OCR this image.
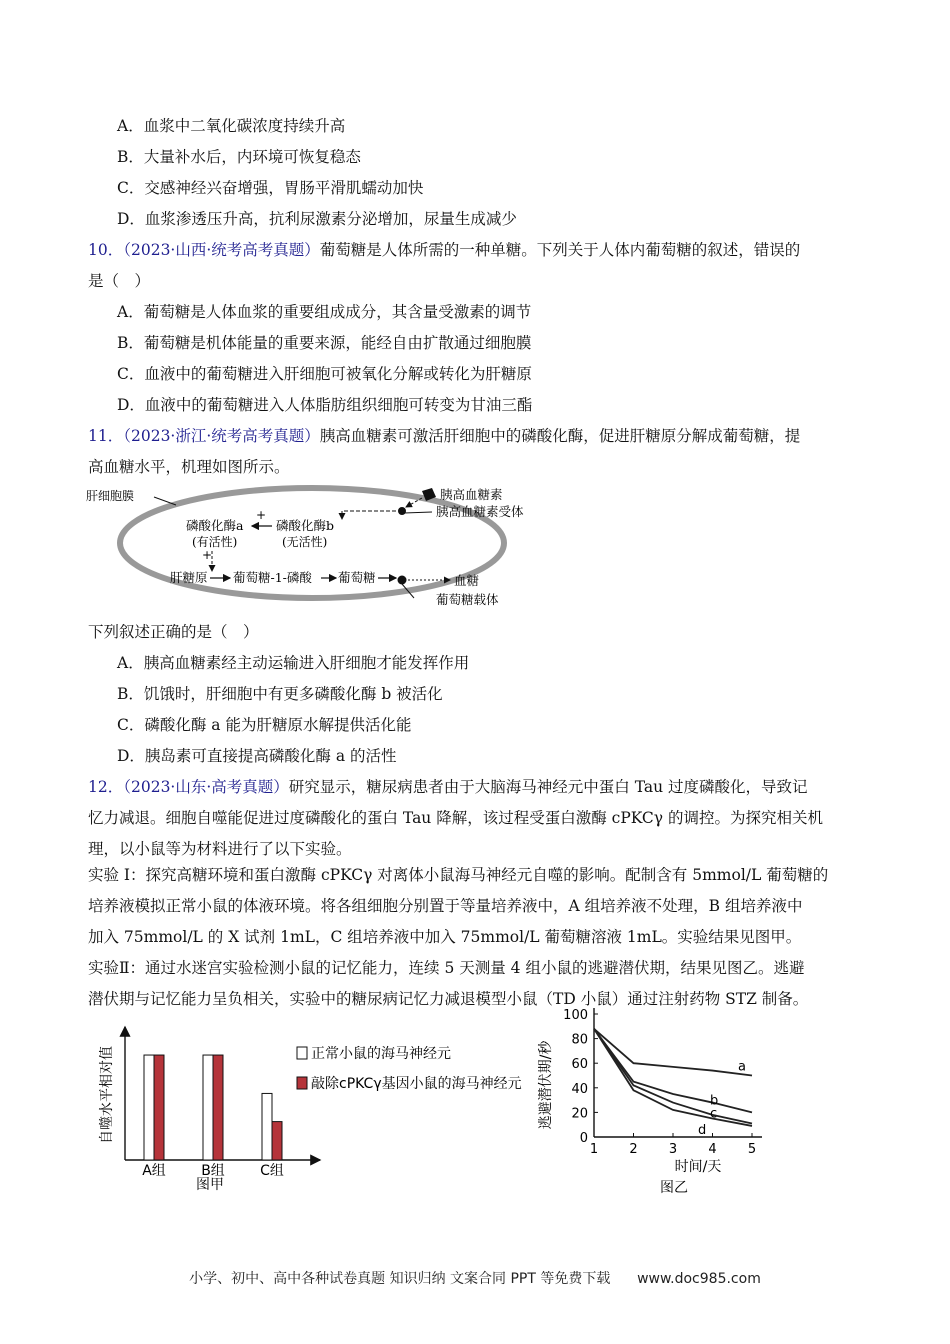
A．血浆中二氧化碳浓度持续升高
B．大量补水后，内环境可恢复稳态
C．交感神经兴奋增强，胃肠平滑肌蠕动加快
D．血浆渗透压升高，抗利尿激素分泌增加，尿量生成减少
10．（2023·山西·统考高考真题）葡萄糖是人体所需的一种单糖。下列关于人体内葡萄糖的叙述，错误的
是（　）
A．葡萄糖是人体血浆的重要组成成分，其含量受激素的调节
B．葡萄糖是机体能量的重要来源，能经自由扩散通过细胞膜
C．血液中的葡萄糖进入肝细胞可被氧化分解或转化为肝糖原
D．血液中的葡萄糖进入人体脂肪组织细胞可转变为甘油三酯
11．（2023·浙江·统考高考真题）胰高血糖素可激活肝细胞中的磷酸化酶，促进肝糖原分解成葡萄糖，提
高血糖水平，机理如图所示。
肝细胞膜	胰高血糖素
胰高血糖素受体
磷酸化酶b
(无活性)
+
磷酸化酶a
(有活性)
+
肝糖原 葡萄糖-1-磷酸 葡萄糖	血糖
葡萄糖载体
下列叙述正确的是（　）
A．胰高血糖素经主动运输进入肝细胞才能发挥作用
B．饥饿时，肝细胞中有更多磷酸化酶 b 被活化
C．磷酸化酶 a 能为肝糖原水解提供活化能
D．胰岛素可直接提高磷酸化酶 a 的活性
12．（2023·山东·高考真题）研究显示，糖尿病患者由于大脑海马神经元中蛋白 Tau 过度磷酸化，导致记
忆力减退。细胞自噬能促进过度磷酸化的蛋白 Tau 降解，该过程受蛋白激酶 cPKCγ 的调控。为探究相关机
理，以小鼠等为材料进行了以下实验。
实验 I：探究高糖环境和蛋白激酶 cPKCγ 对离体小鼠海马神经元自噬的影响。配制含有 5mmol/L 葡萄糖的
培养液模拟正常小鼠的体液环境。将各组细胞分别置于等量培养液中，A 组培养液不处理，B 组培养液中
加入 75mmol/L 的 X 试剂 1mL，C 组培养液中加入 75mmol/L 葡萄糖溶液 1mL。实验结果见图甲。
实验Ⅱ：通过水迷宫实验检测小鼠的记忆能力，连续 5 天测量 4 组小鼠的逃避潜伏期，结果见图乙。逃避
潜伏期与记忆能力呈负相关，实验中的糖尿病记忆力减退模型小鼠（TD 小鼠）通过注射药物 STZ 制备。
自噬水平相对值
A组	B组	C组
图甲
正常小鼠的海马神经元
敲除cPKCγ基因小鼠的海马神经元 逃避潜伏期/秒
0
20
40
60
80
100
1 2 3 4 5
a
b
c
d
时间/天
图乙
小学、初中、高中各种试卷真题 知识归纳 文案合同 PPT 等免费下载 www.doc985.com
